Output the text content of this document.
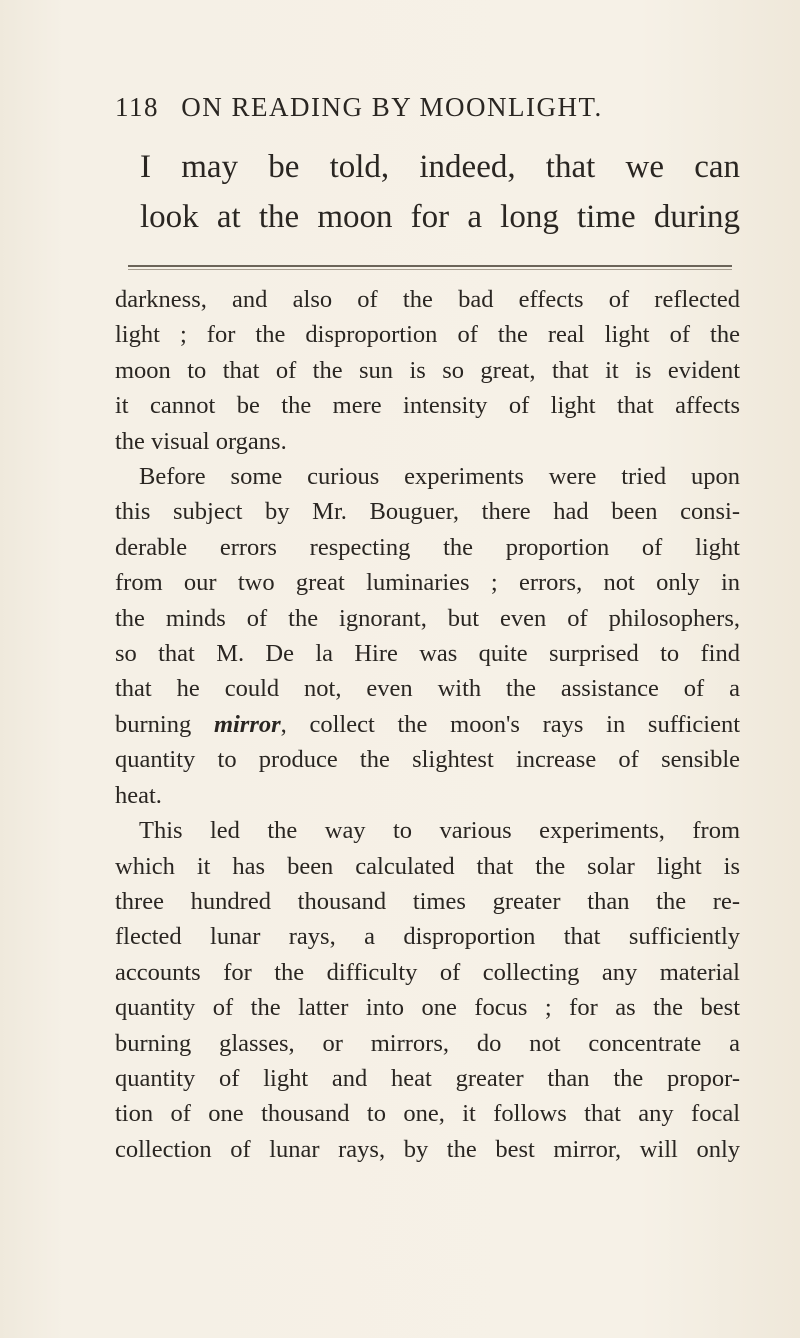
118 ON READING BY MOONLIGHT.
I may be told, indeed, that we can
look at the moon for a long time during
darkness, and also of the bad effects of reflected
light ; for the disproportion of the real light of the
moon to that of the sun is so great, that it is evident
it cannot be the mere intensity of light that affects
the visual organs.
Before some curious experiments were tried upon
this subject by Mr. Bouguer, there had been consi-
derable errors respecting the proportion of light
from our two great luminaries ; errors, not only in
the minds of the ignorant, but even of philosophers,
so that M. De la Hire was quite surprised to find
that he could not, even with the assistance of a
burning mirror, collect the moon's rays in sufficient
quantity to produce the slightest increase of sensible
heat.
This led the way to various experiments, from
which it has been calculated that the solar light is
three hundred thousand times greater than the re-
flected lunar rays, a disproportion that sufficiently
accounts for the difficulty of collecting any material
quantity of the latter into one focus ; for as the best
burning glasses, or mirrors, do not concentrate a
quantity of light and heat greater than the propor-
tion of one thousand to one, it follows that any focal
collection of lunar rays, by the best mirror, will only
